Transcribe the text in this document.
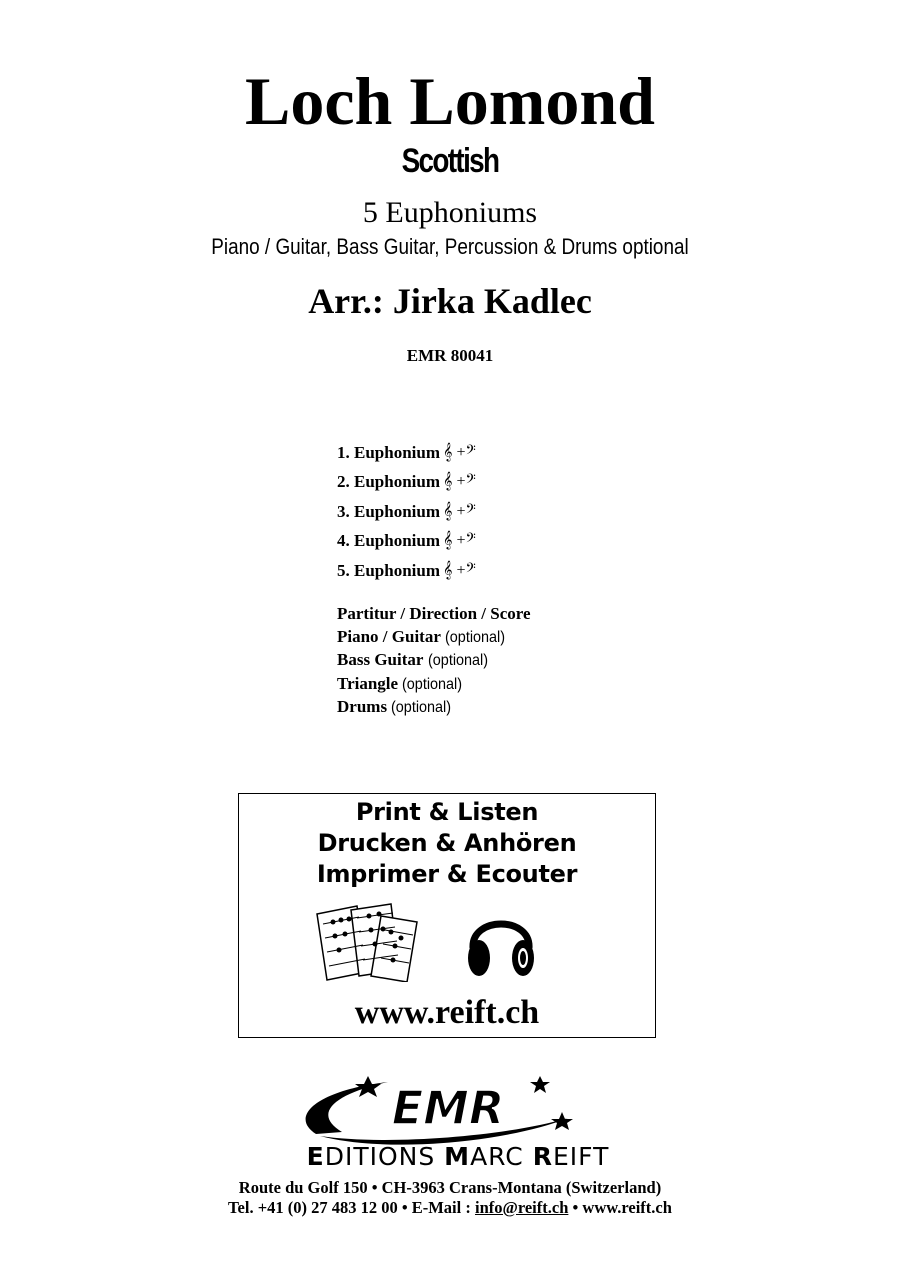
Loch Lomond
Scottish
5 Euphoniums
Piano / Guitar, Bass Guitar, Percussion & Drums optional
Arr.: Jirka Kadlec
EMR 80041
1. Euphonium 𝄞 +𝄢
2. Euphonium 𝄞 +𝄢
3. Euphonium 𝄞 +𝄢
4. Euphonium 𝄞 +𝄢
5. Euphonium 𝄞 +𝄢
Partitur / Direction / Score
Piano / Guitar (optional)
Bass Guitar (optional)
Triangle (optional)
Drums (optional)
Print & Listen
Drucken & Anhören
Imprimer & Ecouter
www.reift.ch
EMR
EDITIONS MARC REIFT
Route du Golf 150 • CH-3963 Crans-Montana (Switzerland)
Tel. +41 (0) 27 483 12 00 • E-Mail : info@reift.ch • www.reift.ch
